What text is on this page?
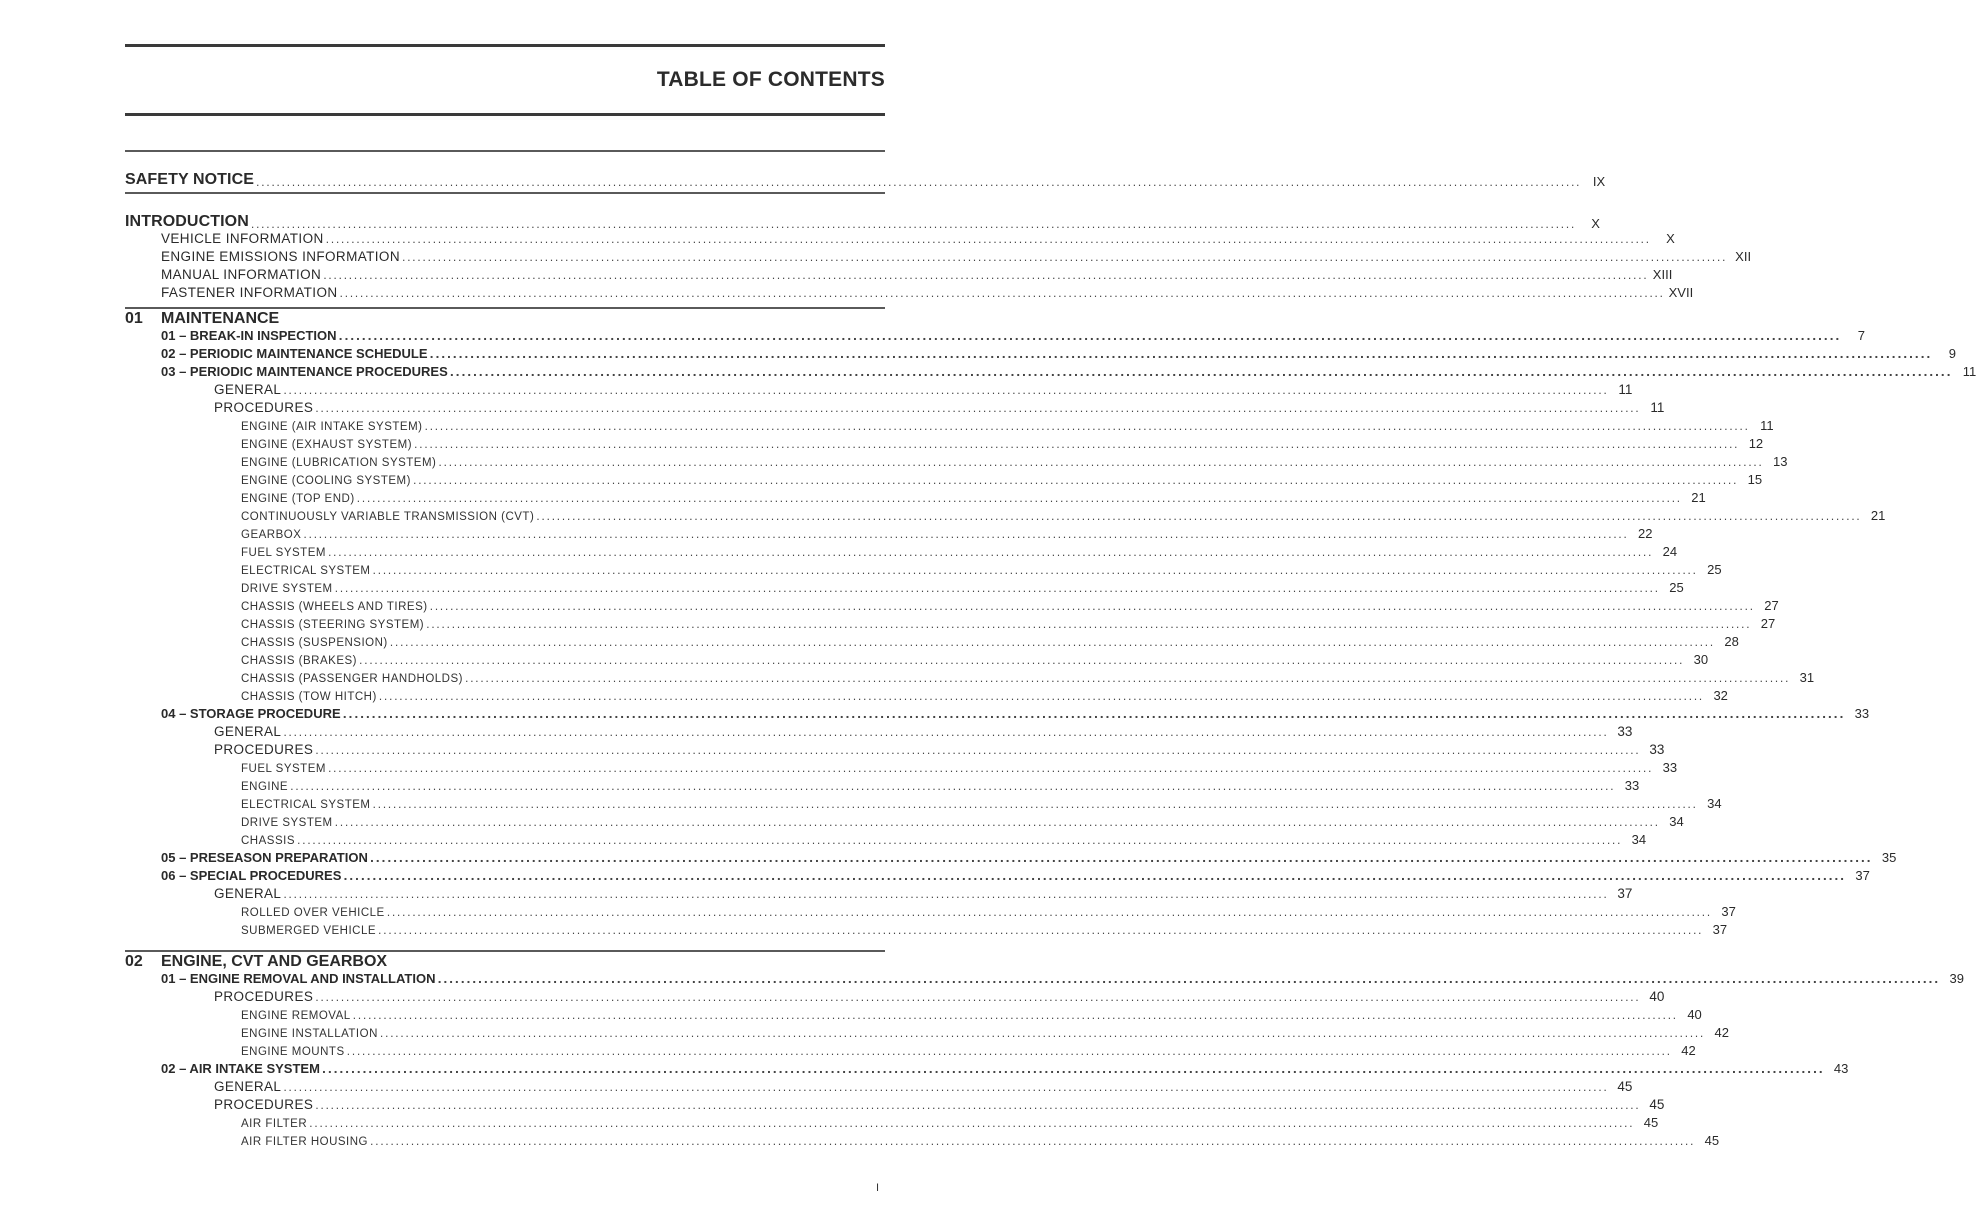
TABLE OF CONTENTS
SAFETY NOTICE .................................................................................................................................................................................................................................................................... IX
INTRODUCTION ....................................................................................................................................................................................................................................................................	X
VEHICLE INFORMATION ....................................................................................................................................................................................................................................................................	X
ENGINE EMISSIONS INFORMATION .................................................................................................................................................................................................................................................................... XII
MANUAL INFORMATION .................................................................................................................................................................................................................................................................... XIII
FASTENER INFORMATION .................................................................................................................................................................................................................................................................... XVII
01	MAINTENANCE
01 – BREAK-IN INSPECTION ....................................................................................................................................................................................................................................................................	7
02 – PERIODIC MAINTENANCE SCHEDULE ....................................................................................................................................................................................................................................................................	9
03 – PERIODIC MAINTENANCE PROCEDURES .................................................................................................................................................................................................................................................................... 11
GENERAL .................................................................................................................................................................................................................................................................... 11
PROCEDURES .................................................................................................................................................................................................................................................................... 11
ENGINE (AIR INTAKE SYSTEM) .................................................................................................................................................................................................................................................................... 11
ENGINE (EXHAUST SYSTEM) .................................................................................................................................................................................................................................................................... 12
ENGINE (LUBRICATION SYSTEM) .................................................................................................................................................................................................................................................................... 13
ENGINE (COOLING SYSTEM) .................................................................................................................................................................................................................................................................... 15
ENGINE (TOP END) .................................................................................................................................................................................................................................................................... 21
CONTINUOUSLY VARIABLE TRANSMISSION (CVT) .................................................................................................................................................................................................................................................................... 21
GEARBOX .................................................................................................................................................................................................................................................................... 22
FUEL SYSTEM .................................................................................................................................................................................................................................................................... 24
ELECTRICAL SYSTEM .................................................................................................................................................................................................................................................................... 25
DRIVE SYSTEM .................................................................................................................................................................................................................................................................... 25
CHASSIS (WHEELS AND TIRES) .................................................................................................................................................................................................................................................................... 27
CHASSIS (STEERING SYSTEM) .................................................................................................................................................................................................................................................................... 27
CHASSIS (SUSPENSION) .................................................................................................................................................................................................................................................................... 28
CHASSIS (BRAKES) .................................................................................................................................................................................................................................................................... 30
CHASSIS (PASSENGER HANDHOLDS) .................................................................................................................................................................................................................................................................... 31
CHASSIS (TOW HITCH) .................................................................................................................................................................................................................................................................... 32
04 – STORAGE PROCEDURE .................................................................................................................................................................................................................................................................... 33
GENERAL .................................................................................................................................................................................................................................................................... 33
PROCEDURES .................................................................................................................................................................................................................................................................... 33
FUEL SYSTEM .................................................................................................................................................................................................................................................................... 33
ENGINE .................................................................................................................................................................................................................................................................... 33
ELECTRICAL SYSTEM .................................................................................................................................................................................................................................................................... 34
DRIVE SYSTEM .................................................................................................................................................................................................................................................................... 34
CHASSIS .................................................................................................................................................................................................................................................................... 34
05 – PRESEASON PREPARATION .................................................................................................................................................................................................................................................................... 35
06 – SPECIAL PROCEDURES .................................................................................................................................................................................................................................................................... 37
GENERAL .................................................................................................................................................................................................................................................................... 37
ROLLED OVER VEHICLE .................................................................................................................................................................................................................................................................... 37
SUBMERGED VEHICLE .................................................................................................................................................................................................................................................................... 37
02	ENGINE, CVT AND GEARBOX
01 – ENGINE REMOVAL AND INSTALLATION .................................................................................................................................................................................................................................................................... 39
PROCEDURES .................................................................................................................................................................................................................................................................... 40
ENGINE REMOVAL .................................................................................................................................................................................................................................................................... 40
ENGINE INSTALLATION .................................................................................................................................................................................................................................................................... 42
ENGINE MOUNTS .................................................................................................................................................................................................................................................................... 42
02 – AIR INTAKE SYSTEM .................................................................................................................................................................................................................................................................... 43
GENERAL .................................................................................................................................................................................................................................................................... 45
PROCEDURES .................................................................................................................................................................................................................................................................... 45
AIR FILTER .................................................................................................................................................................................................................................................................... 45
AIR FILTER HOUSING .................................................................................................................................................................................................................................................................... 45
I
